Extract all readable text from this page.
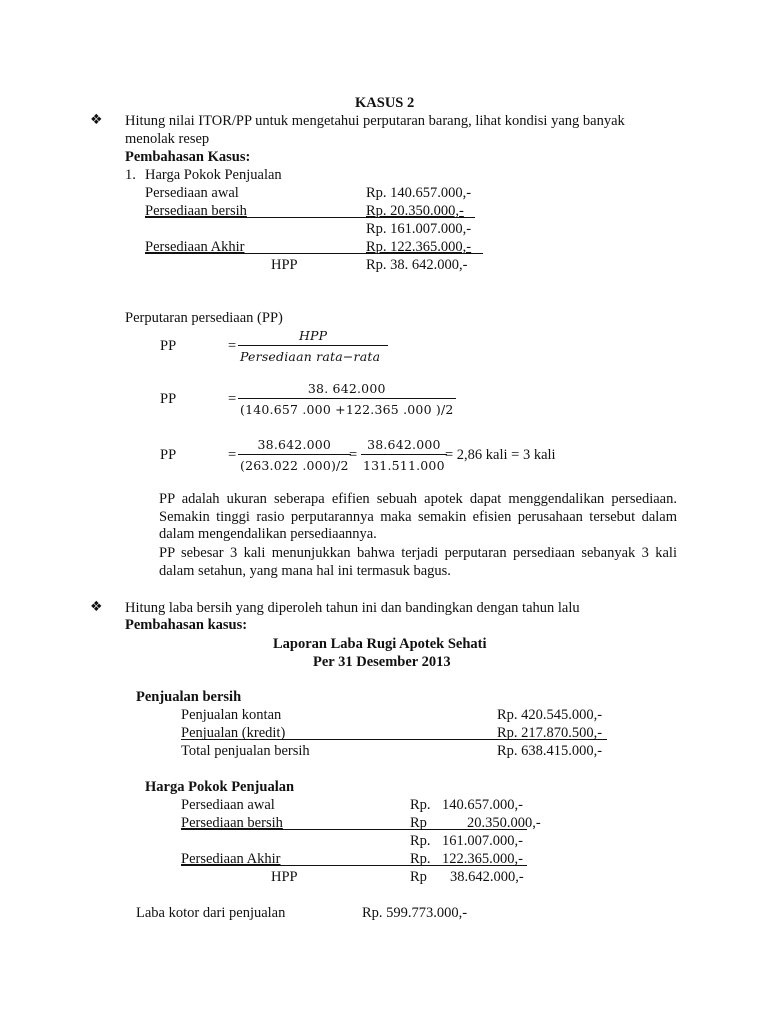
KASUS 2
❖ Hitung nilai ITOR/PP untuk mengetahui perputaran barang, lihat kondisi yang banyak
menolak resep
Pembahasan Kasus:
1. Harga Pokok Penjualan
Persediaan awal	Rp. 140.657.000,-
Persediaan bersih	Rp. 20.350.000,-
Rp. 161.007.000,-
Persediaan Akhir	Rp. 122.365.000,-
HPP	Rp. 38. 642.000,-
Perputaran persediaan (PP)
PP	=
HPP
Persediaan rata−rata
PP	= $\frac{38. 642.000}{(140.657 .000 +122.365 .000 )/2}$
PP	= $\frac{38.642.000}{(263.022 .000)/2}$
= $\frac{38.642.000}{131.511.000}$
= 2,86 kali = 3 kali
PP adalah ukuran seberapa efifien sebuah apotek dapat menggendalikan persediaan. Semakin tinggi rasio perputarannya maka semakin efisien perusahaan tersebut dalam dalam mengendalikan persediaannya.
PP sebesar 3 kali menunjukkan bahwa terjadi perputaran persediaan sebanyak 3 kali dalam setahun, yang mana hal ini termasuk bagus.
❖ Hitung laba bersih yang diperoleh tahun ini dan bandingkan dengan tahun lalu
Pembahasan kasus:
Laporan Laba Rugi Apotek Sehati
Per 31 Desember 2013
Penjualan bersih
Penjualan kontan	Rp. 420.545.000,-
Penjualan (kredit)	Rp. 217.870.500,-
Total penjualan bersih	Rp. 638.415.000,-
Harga Pokok Penjualan
Persediaan awal	Rp. 140.657.000,-
Persediaan bersih	Rp	20.350.000,-
Rp. 161.007.000,-
Persediaan Akhir	Rp. 122.365.000,-
HPP	Rp 38.642.000,-
Laba kotor dari penjualan	Rp. 599.773.000,-
